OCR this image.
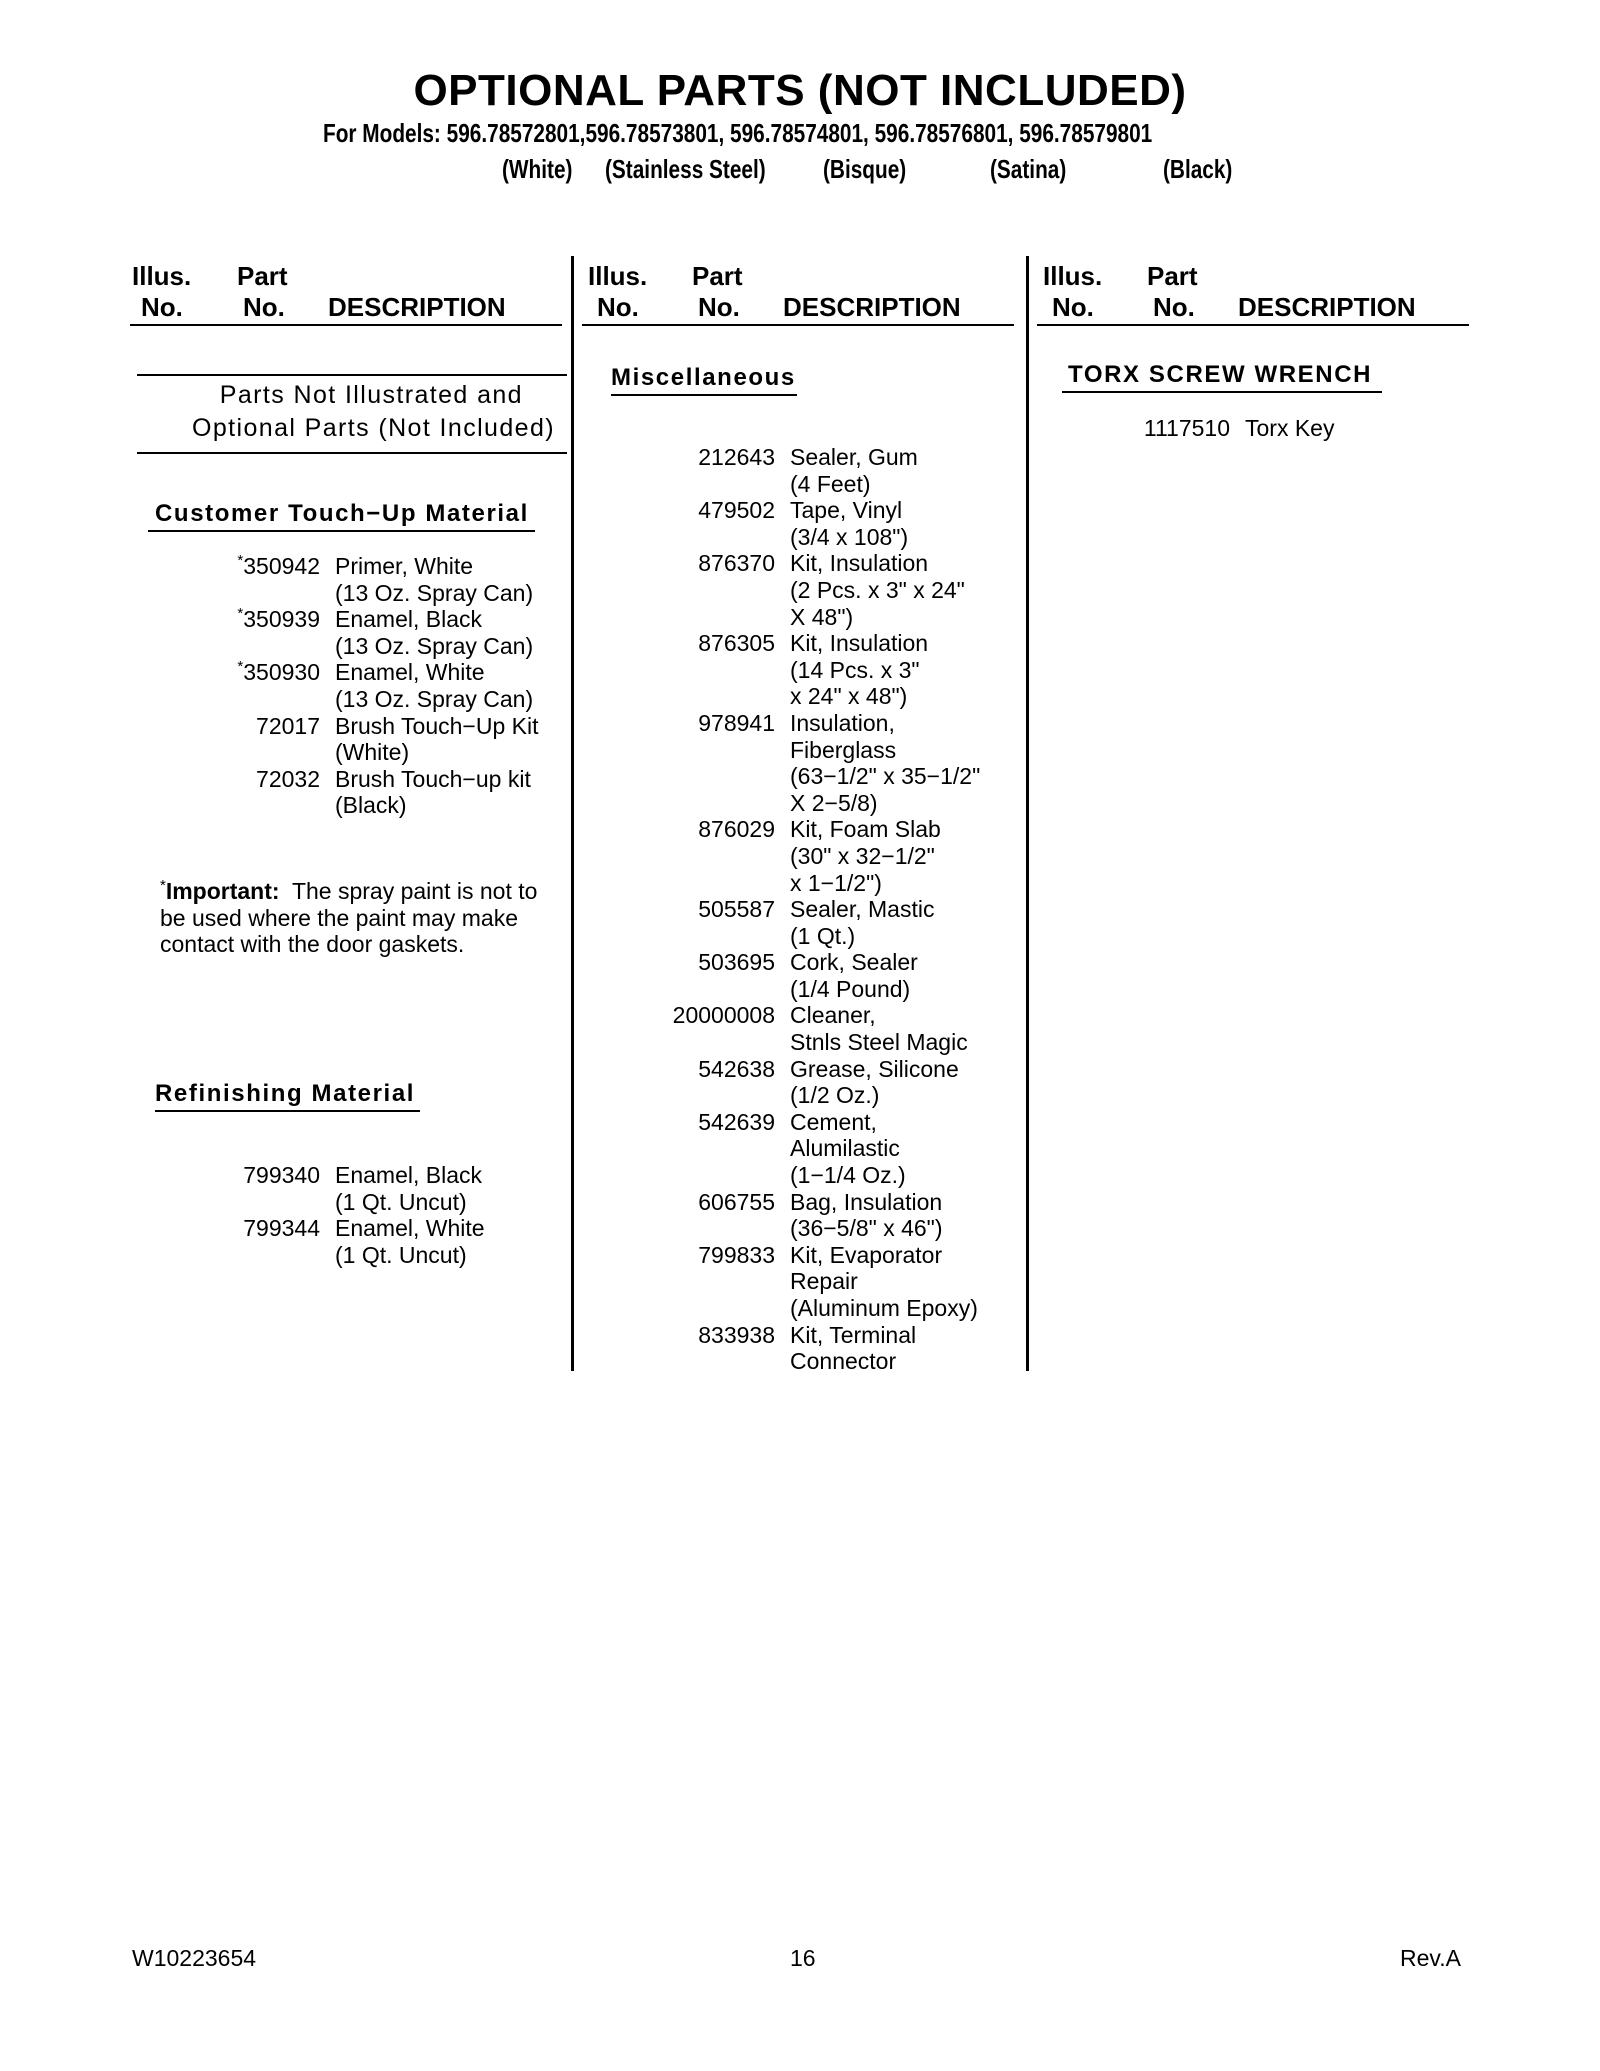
OPTIONAL PARTS (NOT INCLUDED)
For Models: 596.78572801,596.78573801, 596.78574801, 596.78576801, 596.78579801
(White) (Stainless Steel) (Bisque)	(Satina)	(Black)
Illus. Part
No. No. DESCRIPTION
Illus. Part
No. No. DESCRIPTION
Illus. Part
No. No. DESCRIPTION
Parts Not Illustrated and
Optional Parts (Not Included)
Customer Touch−Up Material
*350942 Primer, White
(13 Oz. Spray Can)
*350939 Enamel, Black
(13 Oz. Spray Can)
*350930 Enamel, White
(13 Oz. Spray Can)
72017 Brush Touch−Up Kit
(White)
72032 Brush Touch−up kit
(Black)
*Important: The spray paint is not to be used where the paint may make contact with the door gaskets.
Refinishing Material
799340 Enamel, Black
(1 Qt. Uncut)
799344 Enamel, White
(1 Qt. Uncut)
Miscellaneous
212643 Sealer, Gum
(4 Feet)
479502 Tape, Vinyl
(3/4 x 108")
876370 Kit, Insulation
(2 Pcs. x 3" x 24"
X 48")
876305 Kit, Insulation
(14 Pcs. x 3"
x 24" x 48")
978941 Insulation,
Fiberglass
(63−1/2" x 35−1/2"
X 2−5/8)
876029 Kit, Foam Slab
(30" x 32−1/2"
x 1−1/2")
505587 Sealer, Mastic
(1 Qt.)
503695 Cork, Sealer
(1/4 Pound)
20000008 Cleaner,
Stnls Steel Magic
542638 Grease, Silicone
(1/2 Oz.)
542639 Cement,
Alumilastic
(1−1/4 Oz.)
606755 Bag, Insulation
(36−5/8" x 46")
799833 Kit, Evaporator
Repair
(Aluminum Epoxy)
833938 Kit, Terminal
Connector
TORX SCREW WRENCH
1117510 Torx Key
W10223654	16	Rev.A
